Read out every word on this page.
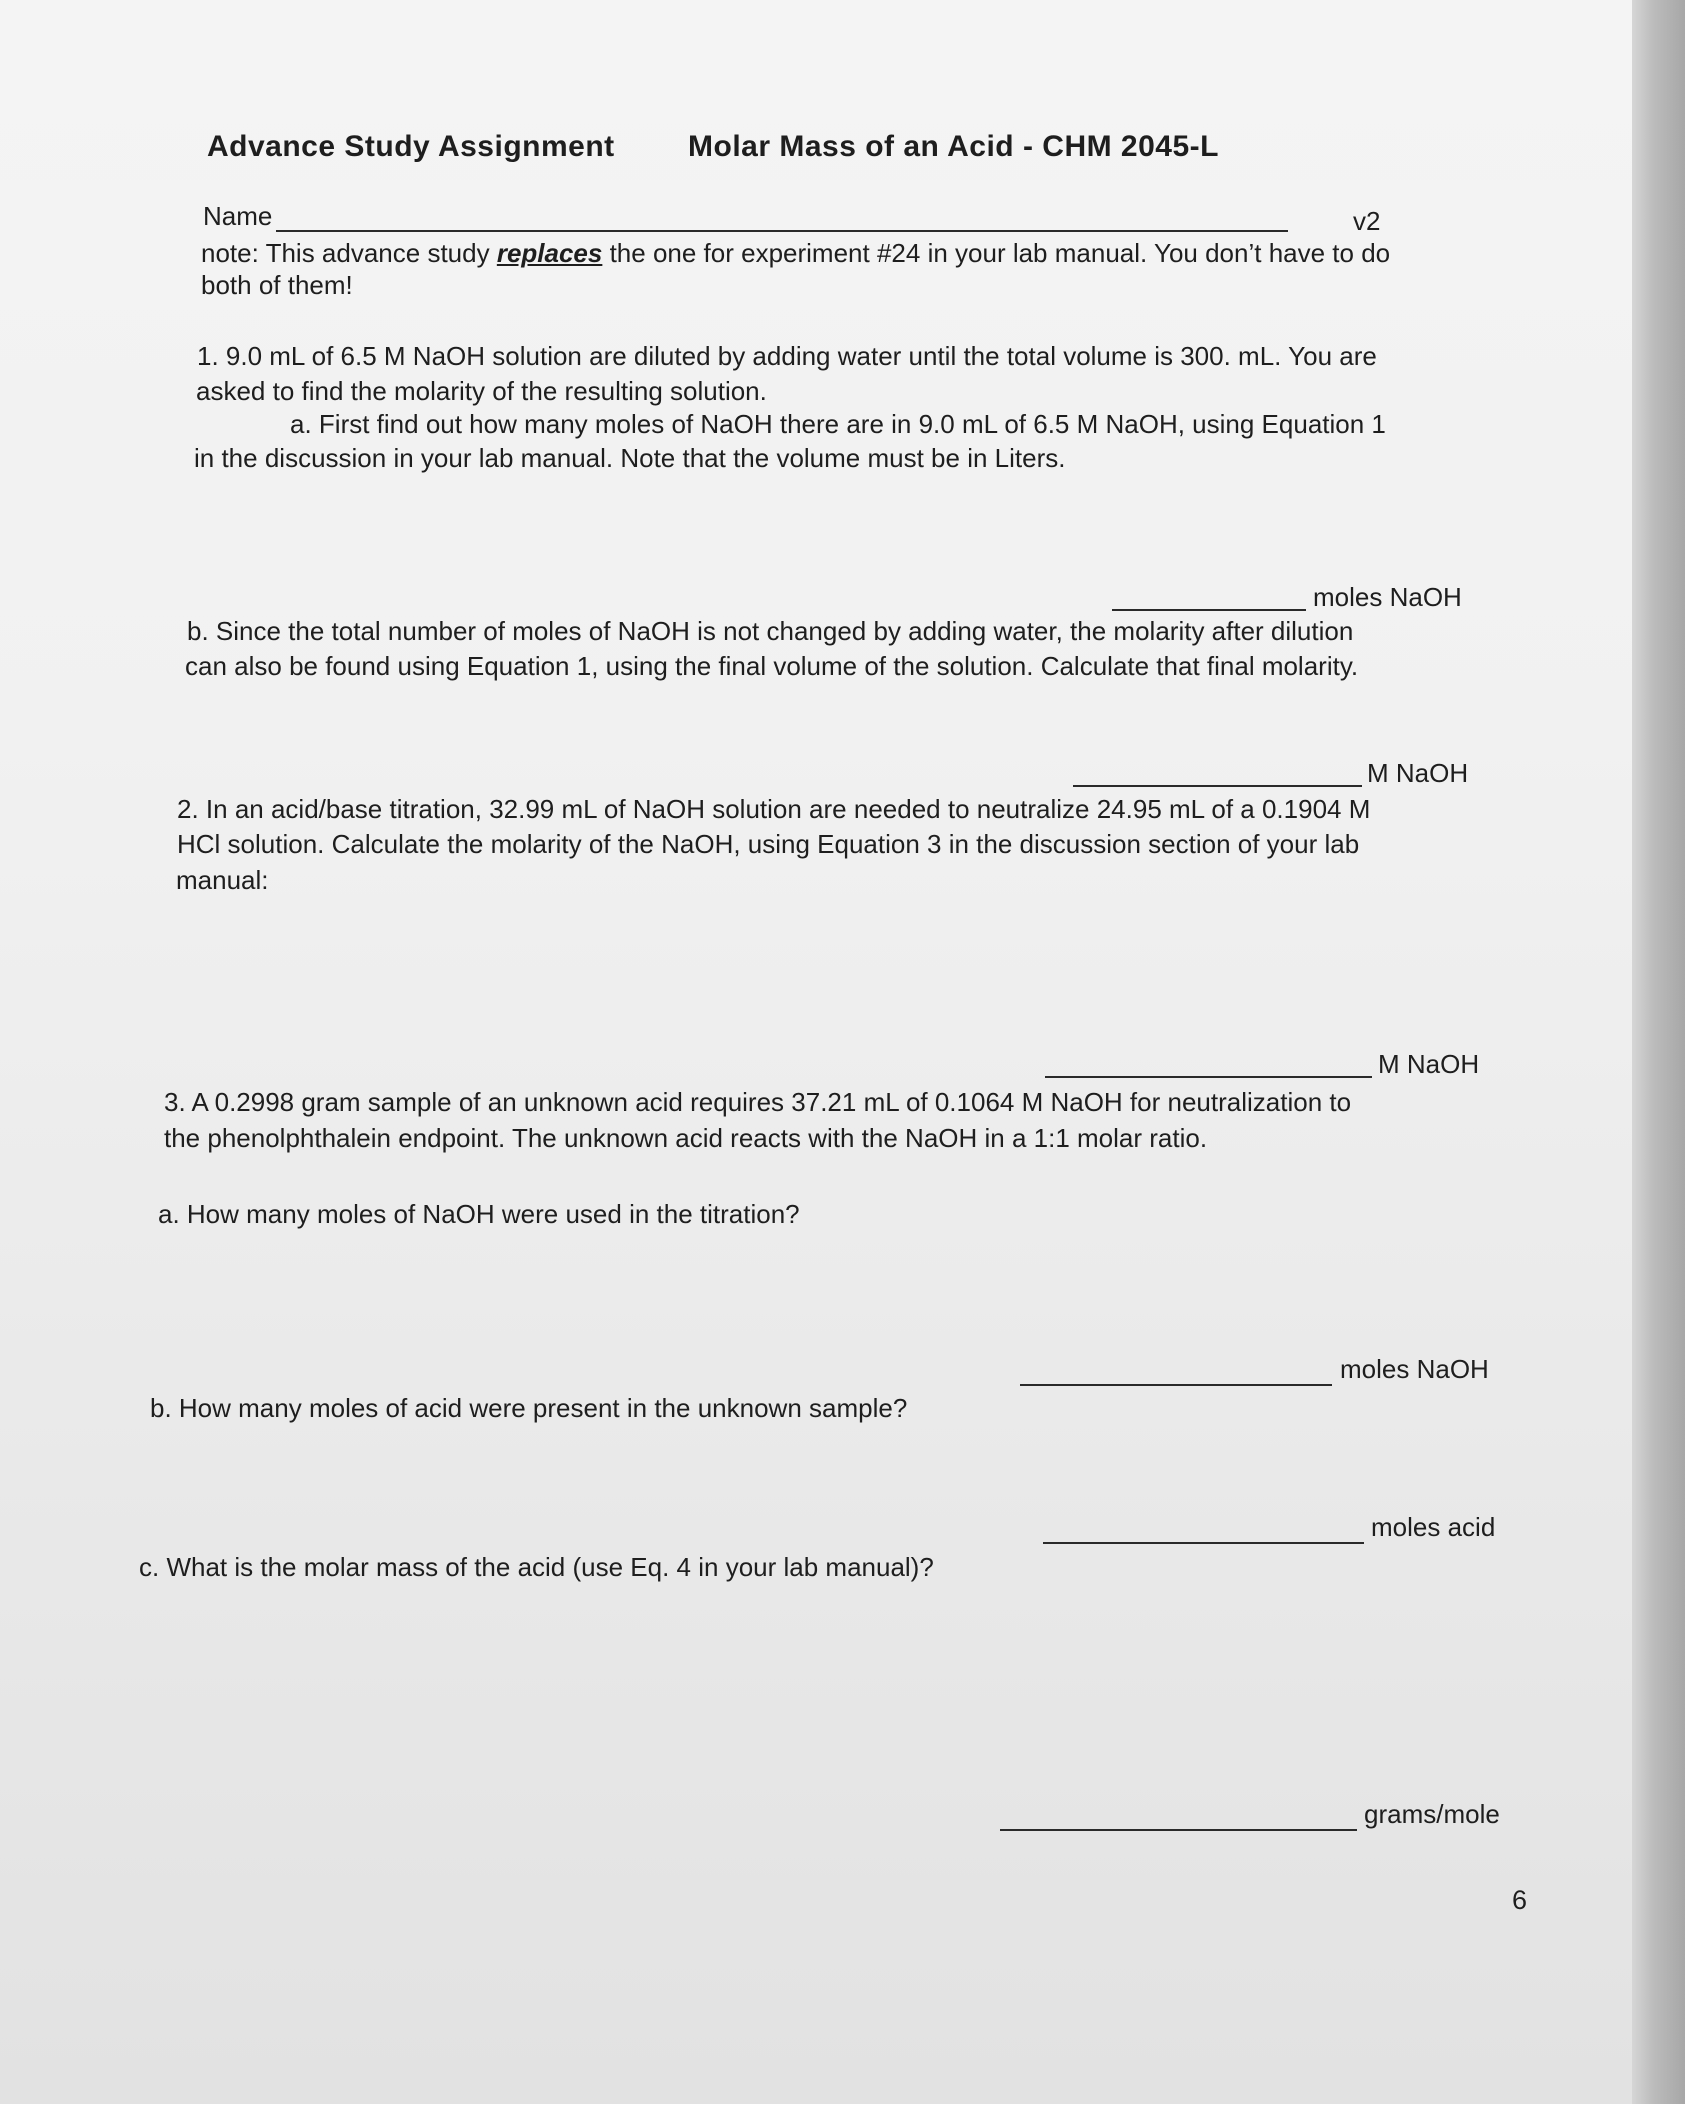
Advance Study Assignment Molar Mass of an Acid - CHM 2045-L
Name	v2
note: This advance study replaces the one for experiment #24 in your lab manual. You don’t have to do
both of them!
1. 9.0 mL of 6.5 M NaOH solution are diluted by adding water until the total volume is 300. mL. You are
asked to find the molarity of the resulting solution.
a. First find out how many moles of NaOH there are in 9.0 mL of 6.5 M NaOH, using Equation 1
in the discussion in your lab manual. Note that the volume must be in Liters.
moles NaOH
b. Since the total number of moles of NaOH is not changed by adding water, the molarity after dilution
can also be found using Equation 1, using the final volume of the solution. Calculate that final molarity.
M NaOH
2. In an acid/base titration, 32.99 mL of NaOH solution are needed to neutralize 24.95 mL of a 0.1904 M
HCl solution. Calculate the molarity of the NaOH, using Equation 3 in the discussion section of your lab
manual:
M NaOH
3. A 0.2998 gram sample of an unknown acid requires 37.21 mL of 0.1064 M NaOH for neutralization to
the phenolphthalein endpoint. The unknown acid reacts with the NaOH in a 1:1 molar ratio.
a. How many moles of NaOH were used in the titration?
moles NaOH
b. How many moles of acid were present in the unknown sample?
moles acid
c. What is the molar mass of the acid (use Eq. 4 in your lab manual)?
grams/mole
6
